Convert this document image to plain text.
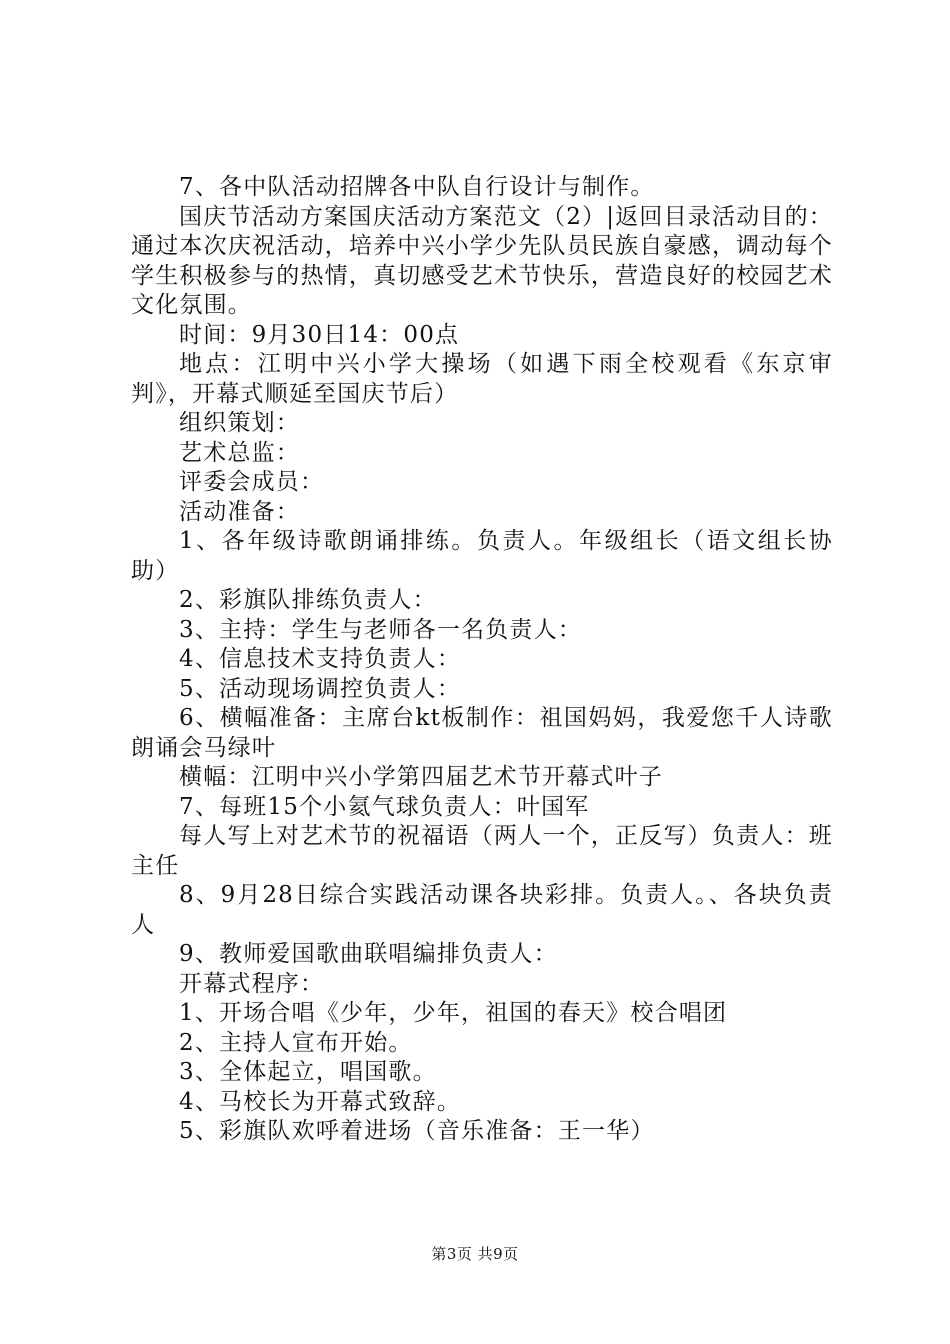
7、各中队活动招牌各中队自行设计与制作。

国庆节活动方案国庆活动方案范文（2）|返回目录活动目的：通过本次庆祝活动，培养中兴小学少先队员民族自豪感，调动每个学生积极参与的热情，真切感受艺术节快乐，营造良好的校园艺术文化氛围。

时间：9月30日14：00点

地点：江明中兴小学大操场（如遇下雨全校观看《东京审判》，开幕式顺延至国庆节后）

组织策划：

艺术总监：

评委会成员：

活动准备：

1、各年级诗歌朗诵排练。负责人。年级组长（语文组长协助）

2、彩旗队排练负责人：

3、主持：学生与老师各一名负责人：

4、信息技术支持负责人：

5、活动现场调控负责人：

6、横幅准备：主席台kt板制作：祖国妈妈，我爱您千人诗歌朗诵会马绿叶

横幅：江明中兴小学第四届艺术节开幕式叶子

7、每班15个小氦气球负责人：叶国军

每人写上对艺术节的祝福语（两人一个，正反写）负责人：班主任

8、9月28日综合实践活动课各块彩排。负责人。、各块负责人

9、教师爱国歌曲联唱编排负责人：

开幕式程序：

1、开场合唱《少年，少年，祖国的春天》校合唱团

2、主持人宣布开始。

3、全体起立，唱国歌。

4、马校长为开幕式致辞。

5、彩旗队欢呼着进场（音乐准备：王一华）

第3页 共9页
